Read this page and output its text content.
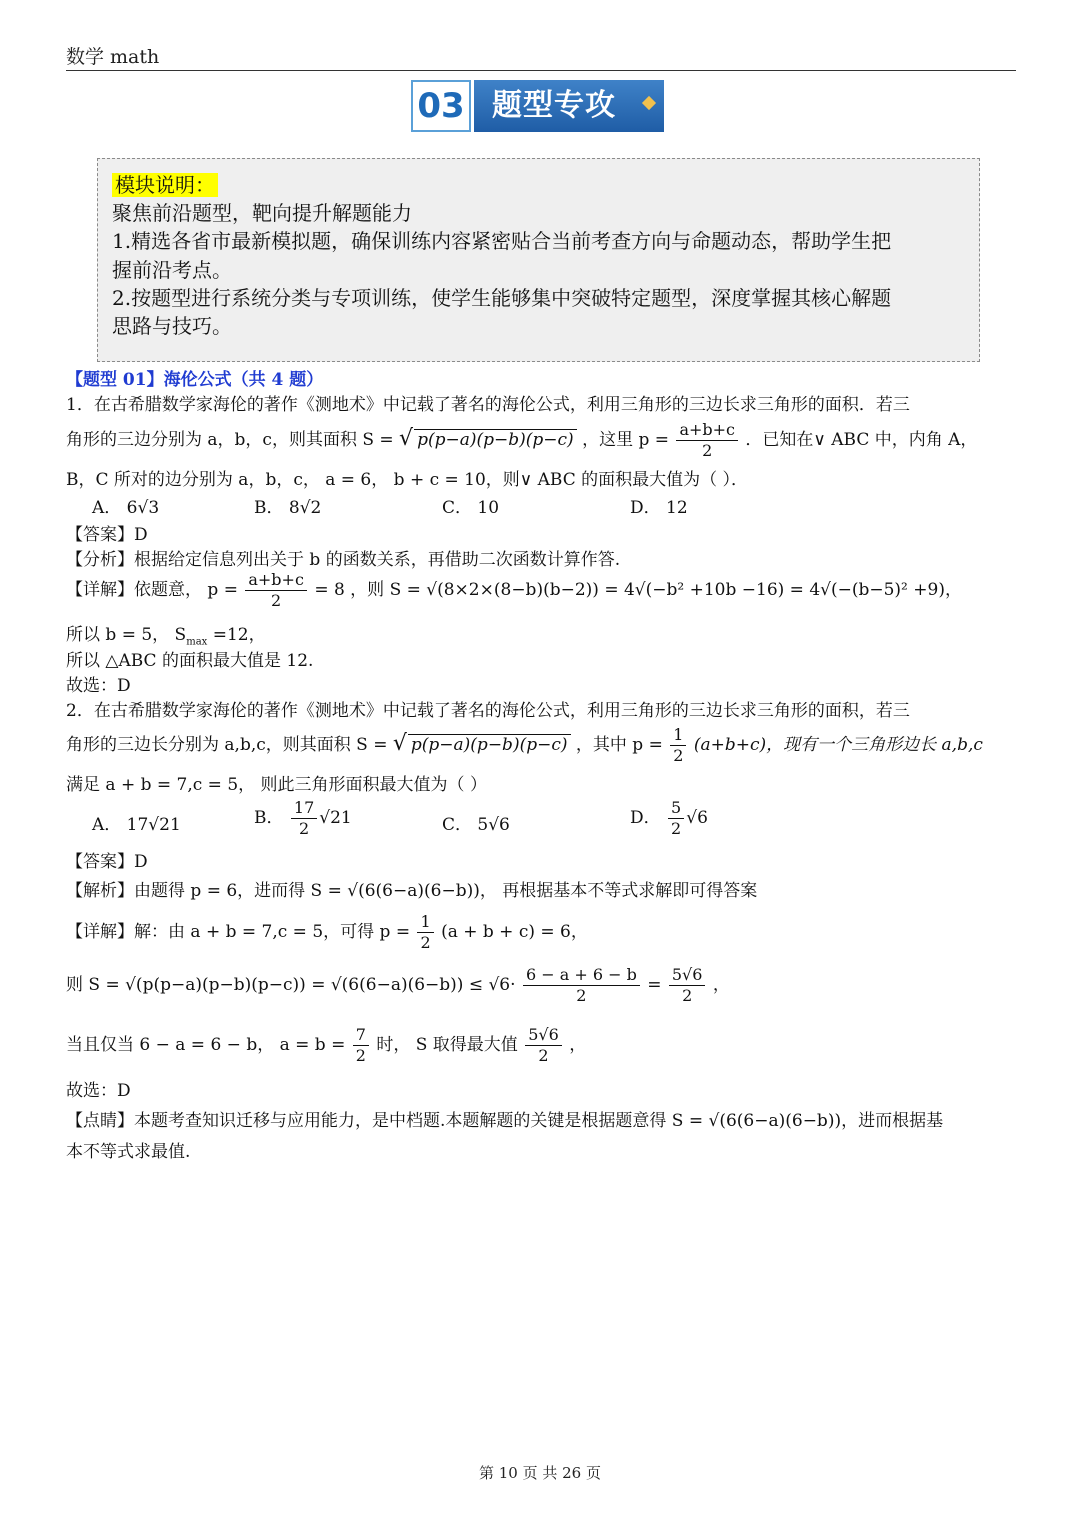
数学 math
03 题型专攻
模块说明：
聚焦前沿题型，靶向提升解题能力
1.精选各省市最新模拟题，确保训练内容紧密贴合当前考查方向与命题动态，帮助学生把
握前沿考点。
2.按题型进行系统分类与专项训练，使学生能够集中突破特定题型，深度掌握其核心解题
思路与技巧。
【题型 01】海伦公式（共 4 题）
1．在古希腊数学家海伦的著作《测地术》中记载了著名的海伦公式，利用三角形的三边长求三角形的面积．若三
角形的三边分别为 a，b，c，则其面积 S = √ p(p−a)(p−b)(p−c) ，这里 $p = \frac{a+b+c}{2}$ ．已知在∨ ABC 中，内角 A，
B，C 所对的边分别为 a，b，c， a = 6， b + c = 10，则∨ ABC 的面积最大值为（ ）．
A． 6√3	B． 8√2	C． 10	D． 12
【答案】D
【分析】根据给定信息列出关于 b 的函数关系，再借助二次函数计算作答.
【详解】依题意， $p = \frac{a+b+c}{2} = 8$ ，则 S = √(8×2×(8−b)(b−2)) = 4√(−b² +10b −16) = 4√(−(b−5)² +9)，
所以 b = 5， $S_{max} =12$，
所以 △ABC 的面积最大值是 12.
故选：D
2．在古希腊数学家海伦的著作《测地术》中记载了著名的海伦公式，利用三角形的三边长求三角形的面积，若三
角形的三边长分别为 a,b,c，则其面积 S = √ p(p−a)(p−b)(p−c) ，其中 $p = \frac{1}{2} (a+b+c)$，现有一个三角形边长 a,b,c
满足 a + b = 7,c = 5， 则此三角形面积最大值为（ ）
A． 17√21	B． $\frac{17}{2} √21$	C． 5√6	D． $\frac{5}{2} √6$
【答案】D
【解析】由题得 p = 6，进而得 S = √(6(6−a)(6−b))， 再根据基本不等式求解即可得答案
【详解】解：由 a + b = 7,c = 5，可得 $p = \frac{1}{2} (a + b + c) = 6$，
则 $S = √(p(p-a)(p-b)(p-c)) = √(6(6-a)(6-b)) \le √6\cdot \frac{6 - a + 6 - b}{2} = \frac{5√6}{2}$ ，
当且仅当 6 − a = 6 − b， $a = b = \frac{7}{2}$ 时， S 取得最大值 $\frac{5√6}{2}$ ，
故选：D
【点睛】本题考查知识迁移与应用能力，是中档题.本题解题的关键是根据题意得 S = √(6(6−a)(6−b))，进而根据基
本不等式求最值.
第 10 页 共 26 页
